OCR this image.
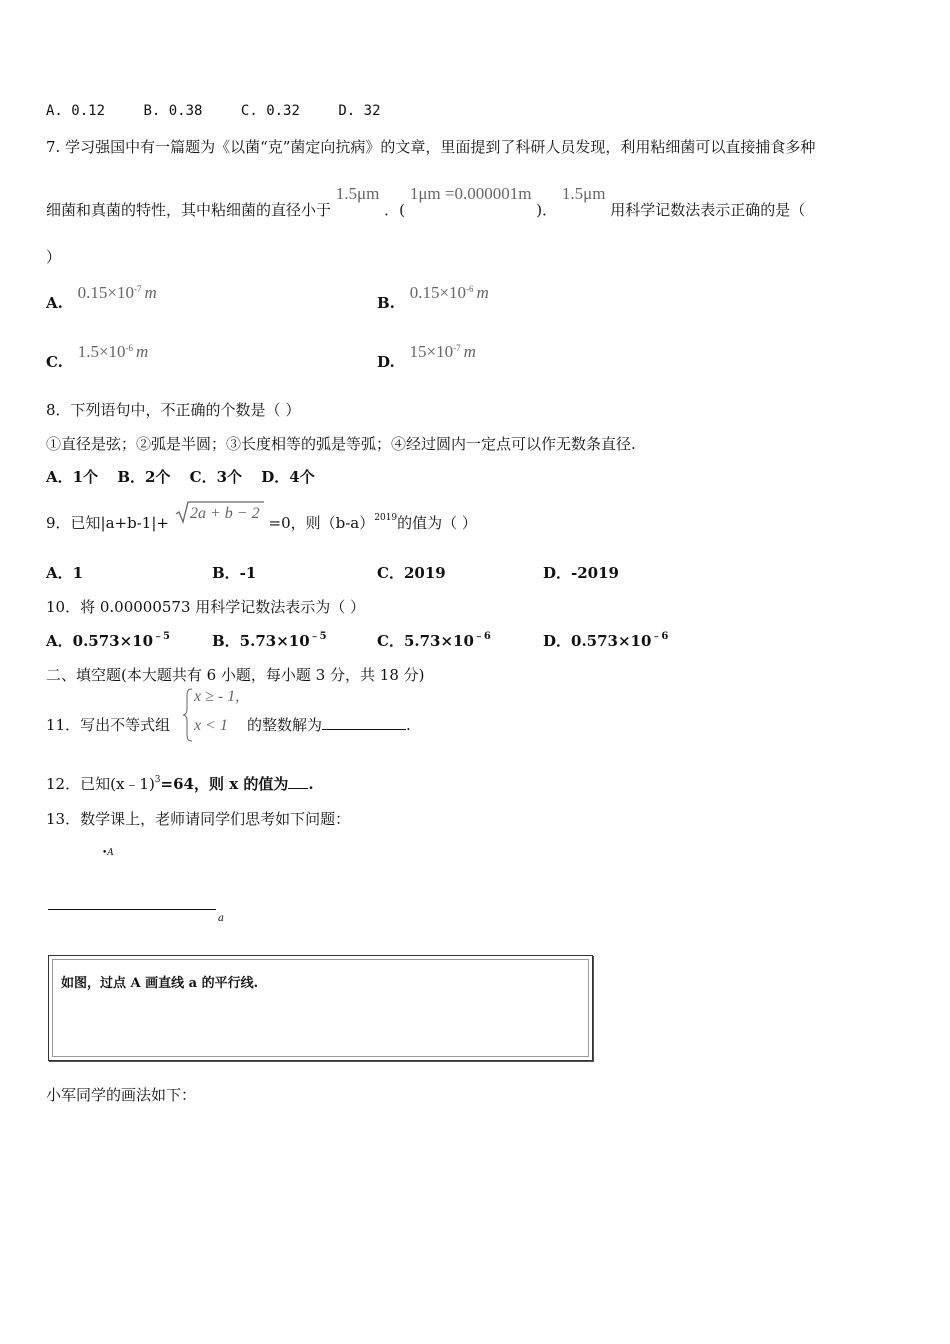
A. 0.12	B. 0.38	C. 0.32	D. 32
7. 学习强国中有一篇题为《以菌“克”菌定向抗病》的文章，里面提到了科研人员发现，利用粘细菌可以直接捕食多种
细菌和真菌的特性，其中粘细菌的直径小于 1.5μm ．( 1μm =0.000001m )． 1.5μm 用科学记数法表示正确的是（
）
A. $0.15\times 10^{-7}$ m
B. $0.15\times 10^{-6}$ m
C. $1.5\times 10^{-6}$ m
D. $15\times 10^{-7}$ m
8．下列语句中，不正确的个数是（ ）
①直径是弦；②弧是半圆；③长度相等的弧是等弧；④经过圆内一定点可以作无数条直径.
A．1个 B．2个 C．3个 D．4个
9．已知|a+b-1|+
2a + b − 2
=0，则$(b-a)_{2019}$的值为（ ）
A．1	B．-1	C．2019	D．-2019
10．将 0.00000573 用科学记数法表示为（ ）
A．$0.573\times 10^{﹣5}$	B．$5.73\times 10^{﹣5}$	C．$5.73\times 10^{﹣6}$	D．$0.573\times 10^{﹣6}$
二、填空题(本大题共有 6 小题，每小题 3 分，共 18 分)
11．写出不等式组
x ≥ - 1,
x < 1 的整数解为	.
12．已知(x﹣1)$^3$=64，则 x 的值为 .
13．数学课上，老师请同学们思考如下问题：
•A
a
如图，过点 A 画直线 a 的平行线.
小军同学的画法如下：
